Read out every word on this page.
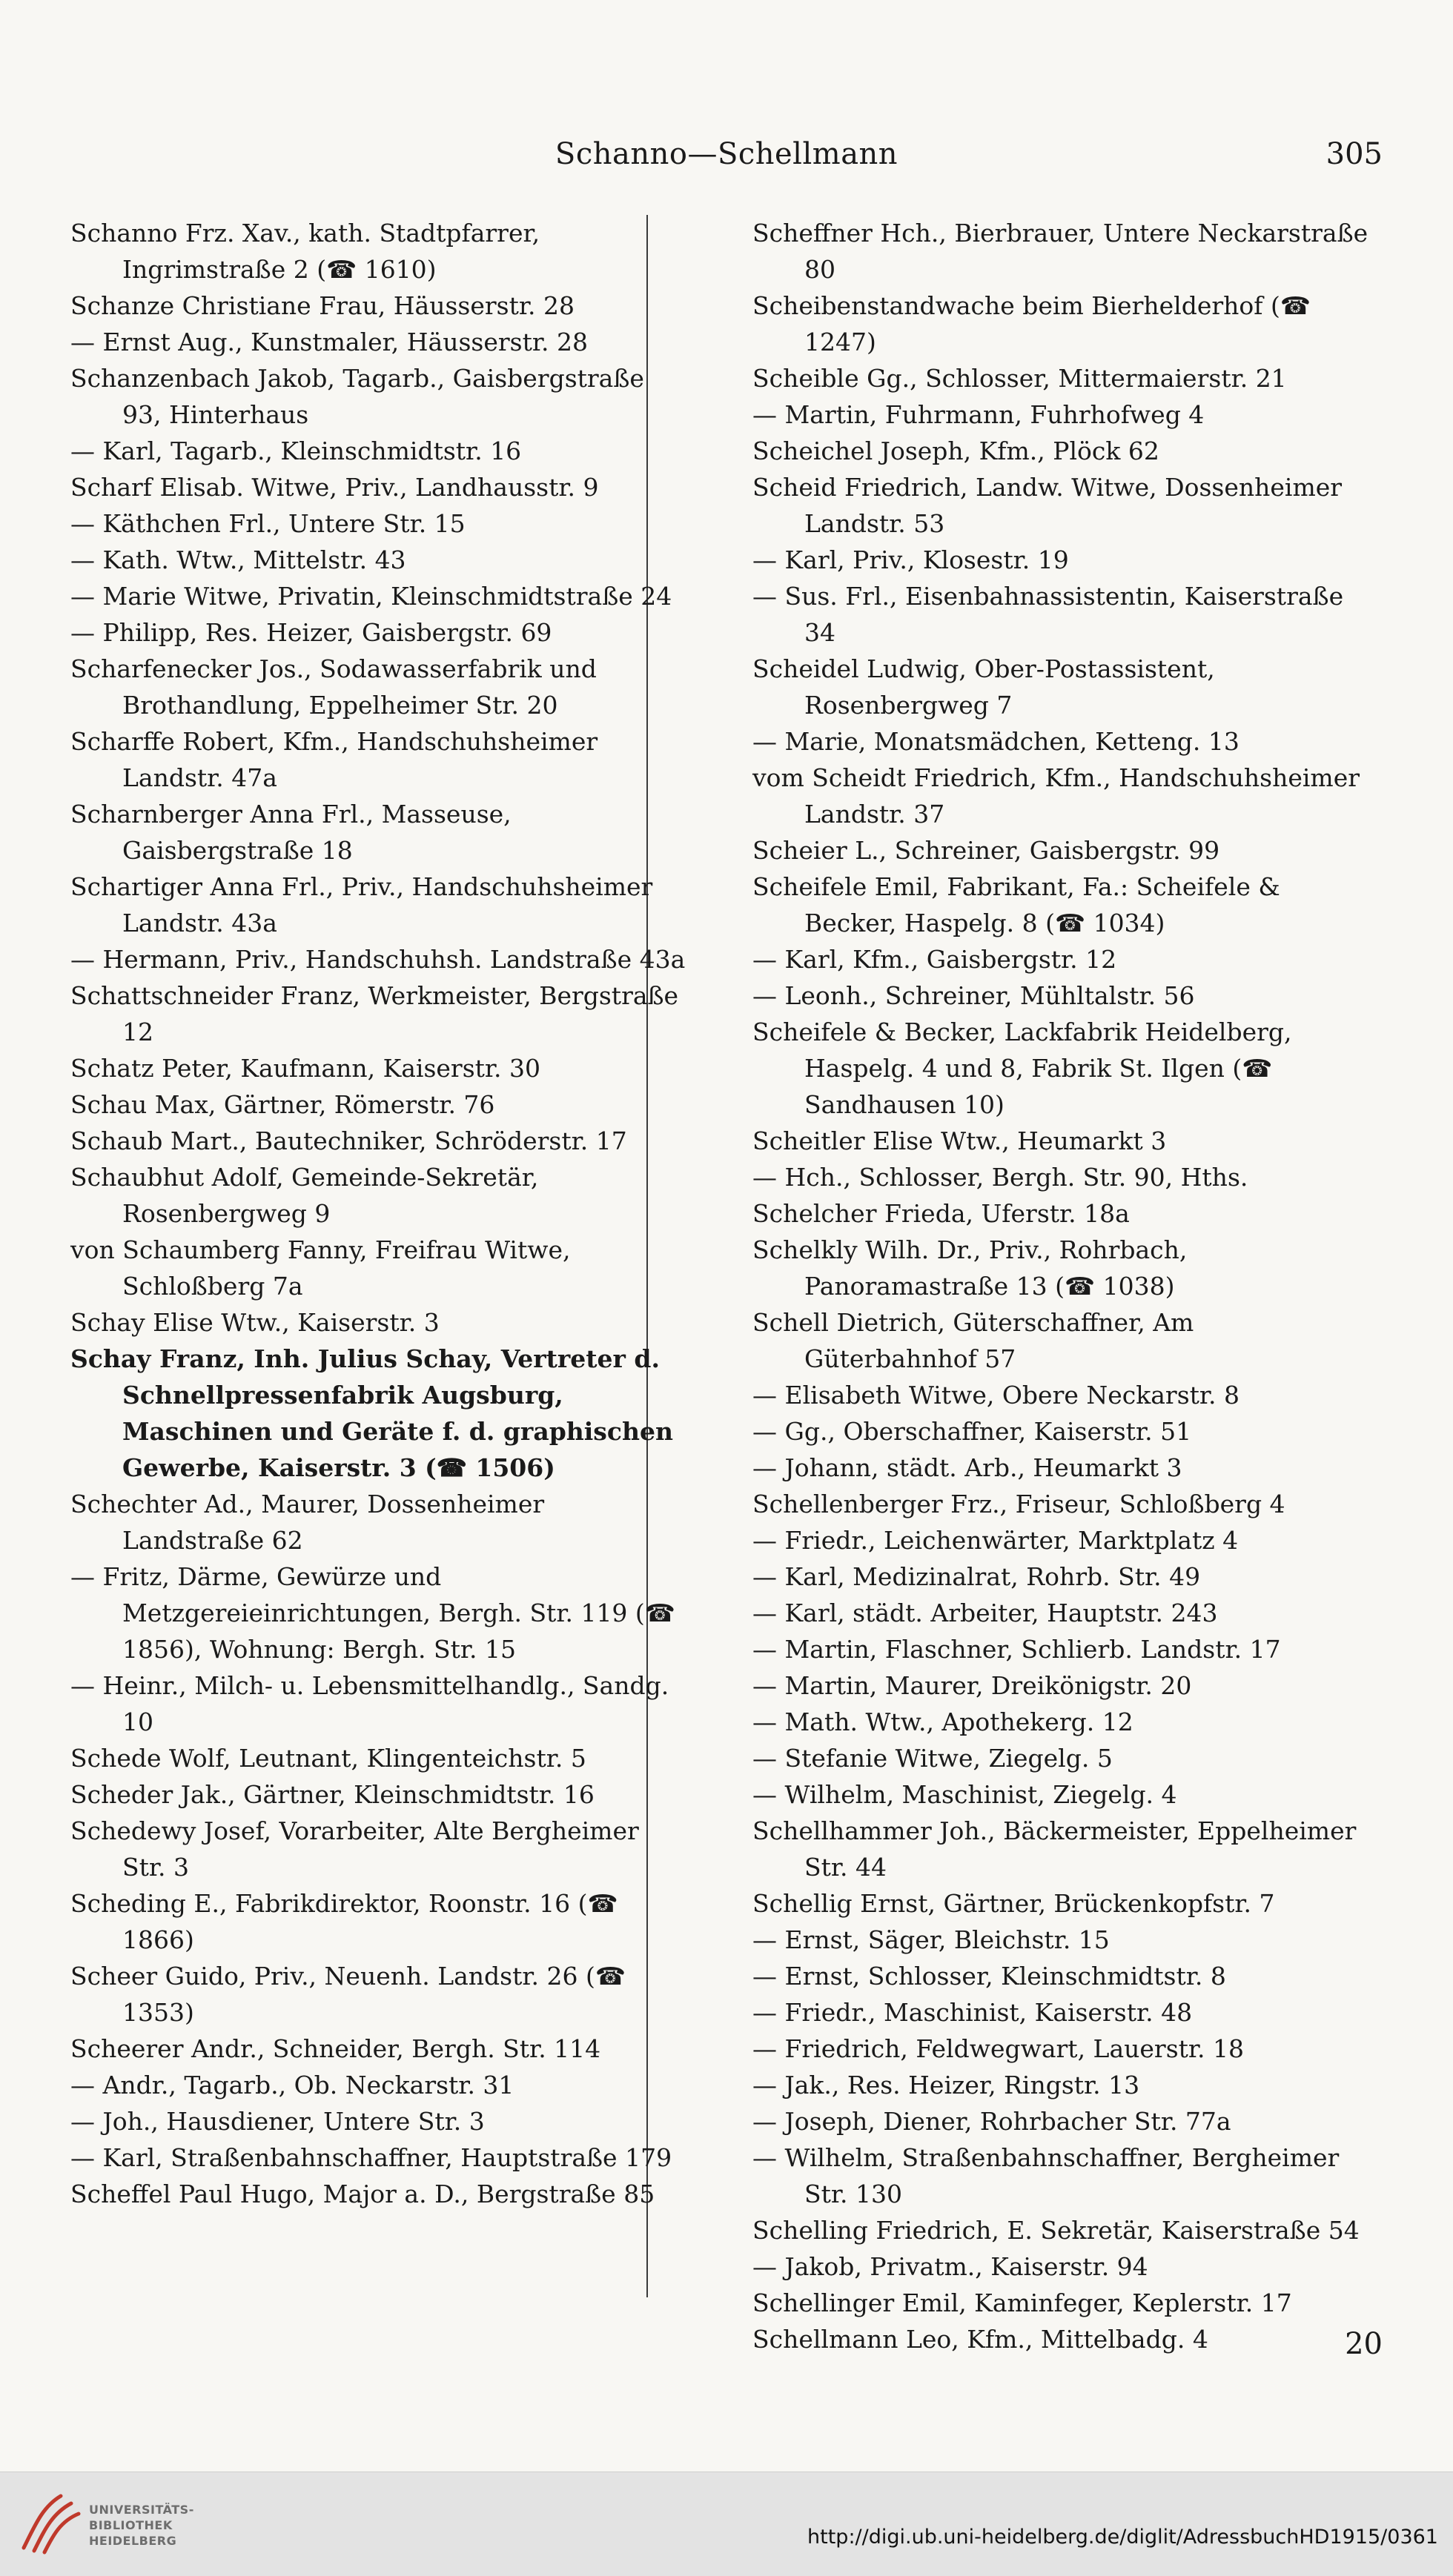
Schanno—Schellmann	305

Schanno Frz. Xav., kath. Stadtpfarrer, Ingrimstraße 2 (☎ 1610)

Schanze Christiane Frau, Häusserstr. 28

— Ernst Aug., Kunstmaler, Häusserstr. 28

Schanzenbach Jakob, Tagarb., Gaisbergstraße 93, Hinterhaus

— Karl, Tagarb., Kleinschmidtstr. 16

Scharf Elisab. Witwe, Priv., Landhausstr. 9

— Käthchen Frl., Untere Str. 15

— Kath. Wtw., Mittelstr. 43

— Marie Witwe, Privatin, Kleinschmidtstraße 24

— Philipp, Res. Heizer, Gaisbergstr. 69

Scharfenecker Jos., Sodawasserfabrik und Brothandlung, Eppelheimer Str. 20

Scharffe Robert, Kfm., Handschuhsheimer Landstr. 47a

Scharnberger Anna Frl., Masseuse, Gaisbergstraße 18

Schartiger Anna Frl., Priv., Handschuhsheimer Landstr. 43a

— Hermann, Priv., Handschuhsh. Landstraße 43a

Schattschneider Franz, Werkmeister, Bergstraße 12

Schatz Peter, Kaufmann, Kaiserstr. 30

Schau Max, Gärtner, Römerstr. 76

Schaub Mart., Bautechniker, Schröderstr. 17

Schaubhut Adolf, Gemeinde-Sekretär, Rosenbergweg 9

von Schaumberg Fanny, Freifrau Witwe, Schloßberg 7a

Schay Elise Wtw., Kaiserstr. 3

Schay Franz, Inh. Julius Schay, Vertreter d. Schnellpressenfabrik Augsburg, Maschinen und Geräte f. d. graphischen Gewerbe, Kaiserstr. 3 (☎ 1506)

Schechter Ad., Maurer, Dossenheimer Landstraße 62

— Fritz, Därme, Gewürze und Metzgereieinrichtungen, Bergh. Str. 119 (☎ 1856), Wohnung: Bergh. Str. 15

— Heinr., Milch- u. Lebensmittelhandlg., Sandg. 10

Schede Wolf, Leutnant, Klingenteichstr. 5

Scheder Jak., Gärtner, Kleinschmidtstr. 16

Schedewy Josef, Vorarbeiter, Alte Bergheimer Str. 3

Scheding E., Fabrikdirektor, Roonstr. 16 (☎ 1866)

Scheer Guido, Priv., Neuenh. Landstr. 26 (☎ 1353)

Scheerer Andr., Schneider, Bergh. Str. 114

— Andr., Tagarb., Ob. Neckarstr. 31

— Joh., Hausdiener, Untere Str. 3

— Karl, Straßenbahnschaffner, Hauptstraße 179

Scheffel Paul Hugo, Major a. D., Bergstraße 85

Scheffner Hch., Bierbrauer, Untere Neckarstraße 80

Scheibenstandwache beim Bierhelderhof (☎ 1247)

Scheible Gg., Schlosser, Mittermaierstr. 21

— Martin, Fuhrmann, Fuhrhofweg 4

Scheichel Joseph, Kfm., Plöck 62

Scheid Friedrich, Landw. Witwe, Dossenheimer Landstr. 53

— Karl, Priv., Klosestr. 19

— Sus. Frl., Eisenbahnassistentin, Kaiserstraße 34

Scheidel Ludwig, Ober-Postassistent, Rosenbergweg 7

— Marie, Monatsmädchen, Ketteng. 13

vom Scheidt Friedrich, Kfm., Handschuhsheimer Landstr. 37

Scheier L., Schreiner, Gaisbergstr. 99

Scheifele Emil, Fabrikant, Fa.: Scheifele & Becker, Haspelg. 8 (☎ 1034)

— Karl, Kfm., Gaisbergstr. 12

— Leonh., Schreiner, Mühltalstr. 56

Scheifele & Becker, Lackfabrik Heidelberg, Haspelg. 4 und 8, Fabrik St. Ilgen (☎ Sandhausen 10)

Scheitler Elise Wtw., Heumarkt 3

— Hch., Schlosser, Bergh. Str. 90, Hths.

Schelcher Frieda, Uferstr. 18a

Schelkly Wilh. Dr., Priv., Rohrbach, Panoramastraße 13 (☎ 1038)

Schell Dietrich, Güterschaffner, Am Güterbahnhof 57

— Elisabeth Witwe, Obere Neckarstr. 8

— Gg., Oberschaffner, Kaiserstr. 51

— Johann, städt. Arb., Heumarkt 3

Schellenberger Frz., Friseur, Schloßberg 4

— Friedr., Leichenwärter, Marktplatz 4

— Karl, Medizinalrat, Rohrb. Str. 49

— Karl, städt. Arbeiter, Hauptstr. 243

— Martin, Flaschner, Schlierb. Landstr. 17

— Martin, Maurer, Dreikönigstr. 20

— Math. Wtw., Apothekerg. 12

— Stefanie Witwe, Ziegelg. 5

— Wilhelm, Maschinist, Ziegelg. 4

Schellhammer Joh., Bäckermeister, Eppelheimer Str. 44

Schellig Ernst, Gärtner, Brückenkopfstr. 7

— Ernst, Säger, Bleichstr. 15

— Ernst, Schlosser, Kleinschmidtstr. 8

— Friedr., Maschinist, Kaiserstr. 48

— Friedrich, Feldwegwart, Lauerstr. 18

— Jak., Res. Heizer, Ringstr. 13

— Joseph, Diener, Rohrbacher Str. 77a

— Wilhelm, Straßenbahnschaffner, Bergheimer Str. 130

Schelling Friedrich, E. Sekretär, Kaiserstraße 54

— Jakob, Privatm., Kaiserstr. 94

Schellinger Emil, Kaminfeger, Keplerstr. 17

Schellmann Leo, Kfm., Mittelbadg. 4	20
UNIVERSITÄTS-
BIBLIOTHEK
HEIDELBERG	http://digi.ub.uni-heidelberg.de/diglit/AdressbuchHD1915/0361
